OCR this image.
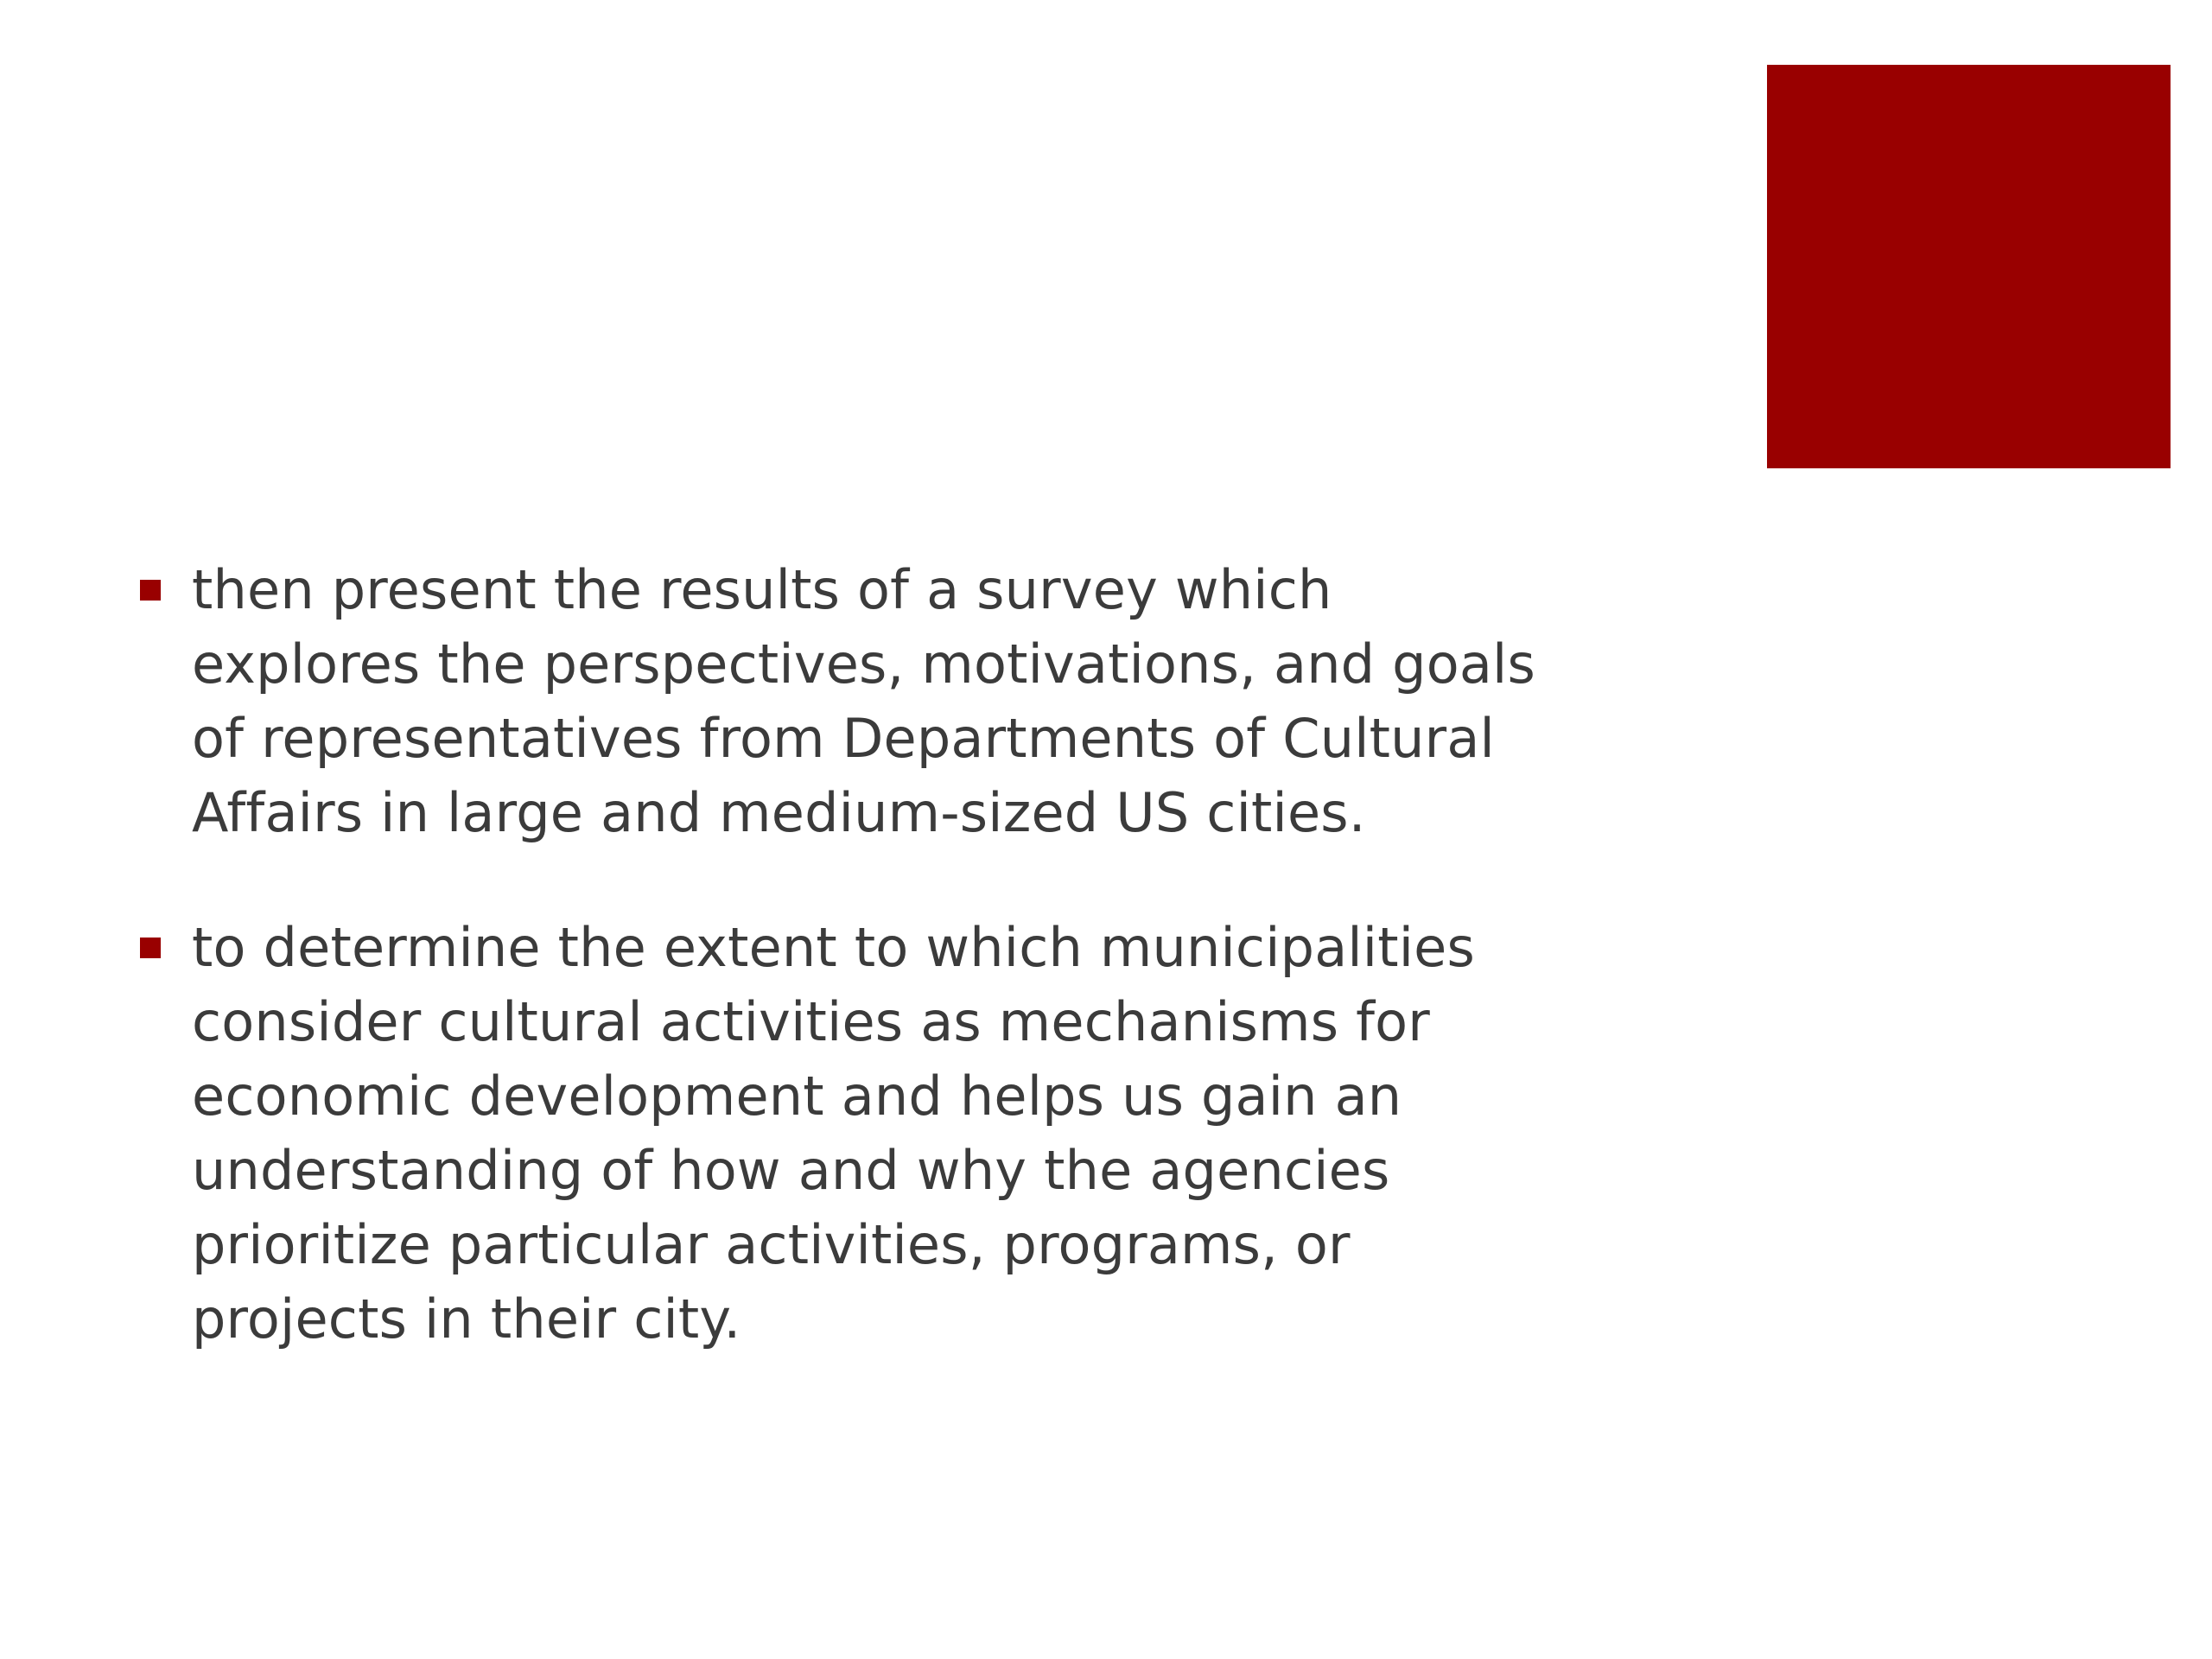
then present the results of a survey which
explores the perspectives, motivations, and goals
of representatives from Departments of Cultural
Affairs in large and medium-sized US cities.
to determine the extent to which municipalities
consider cultural activities as mechanisms for
economic development and helps us gain an
understanding of how and why the agencies
prioritize particular activities, programs, or
projects in their city.
